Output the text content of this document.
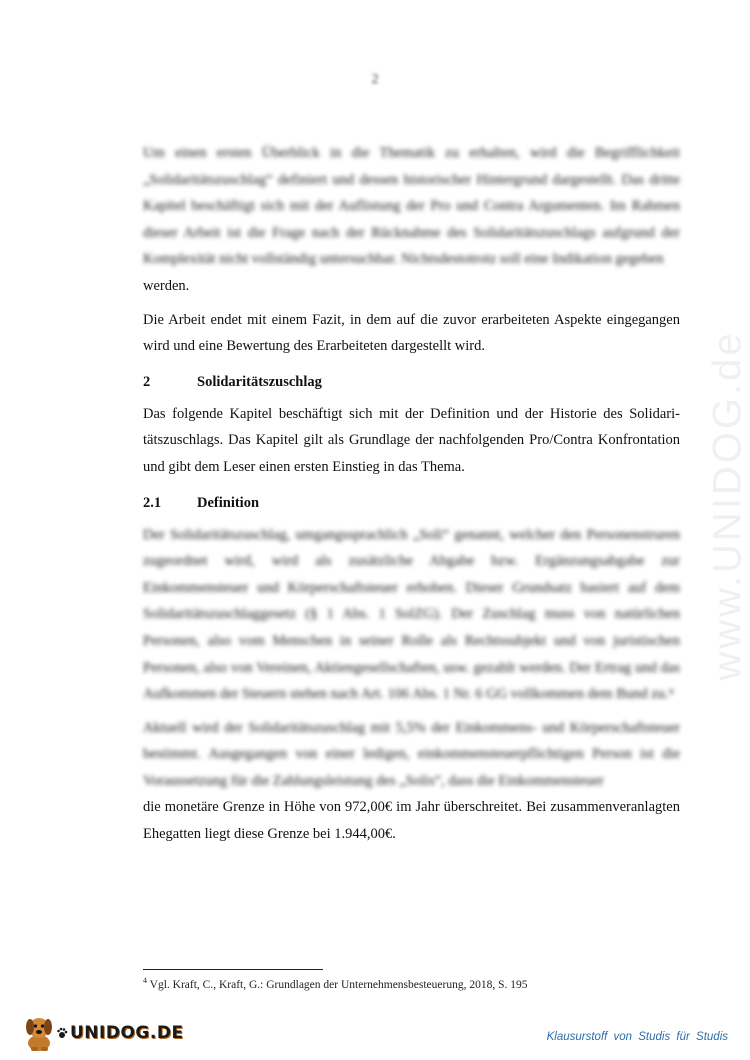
www.UNIDOG.de
2

Um einen ersten Überblick in die Thematik zu erhalten, wird die Begrifflichkeit „Solidaritätszuschlag“ definiert und dessen historischer Hintergrund dargestellt. Das dritte Kapitel beschäftigt sich mit der Auflistung der Pro und Contra Argumenten. Im Rahmen dieser Arbeit ist die Frage nach der Rücknahme des Solidaritätszuschlags aufgrund der Komplexität nicht vollständig untersuchbar. Nichtsdestotrotz soll eine Indikation gegeben
werden.

Die Arbeit endet mit einem Fazit, in dem auf die zuvor erarbeiteten Aspekte eingegangen wird und eine Bewertung des Erarbeiteten dargestellt wird.

2	Solidaritätszuschlag

Das folgende Kapitel beschäftigt sich mit der Definition und der Historie des Solidaritätszuschlags. Das Kapitel gilt als Grundlage der nachfolgenden Pro/Contra Konfrontation und gibt dem Leser einen ersten Einstieg in das Thema.

2.1	Definition

Der Solidaritätszuschlag, umgangssprachlich „Soli“ genannt, welcher den Personenstruren zugeordnet wird, wird als zusätzliche Abgabe bzw. Ergänzungsabgabe zur Einkommensteuer und Körperschaftsteuer erhoben. Dieser Grundsatz basiert auf dem Solidaritätszuschlaggesetz (§ 1 Abs. 1 SolZG). Der Zuschlag muss von natürlichen Personen, also vom Menschen in seiner Rolle als Rechtssubjekt und von juristischen Personen, also von Vereinen, Aktiengesellschaften, usw. gezahlt werden. Der Ertrag und das Aufkommen der Steuern stehen nach Art. 106 Abs. 1 Nr. 6 GG vollkommen dem Bund zu.⁴

Aktuell wird der Solidaritätszuschlag mit 5,5% der Einkommens- und Körperschaftsteuer bestimmt. Ausgegangen von einer ledigen, einkommensteuerpflichtigen Person ist die Voraussetzung für die Zahlungsleistung des „Solis“, dass die Einkommensteuer
die monetäre Grenze in Höhe von 972,00€ im Jahr überschreitet. Bei zusammenveranlagten Ehegatten liegt diese Grenze bei 1.944,00€.

$^4$ Vgl. Kraft, C., Kraft, G.: Grundlagen der Unternehmensbesteuerung, 2018, S. 195
UNIDOG.DE	Klausurstoff von Studis für Studis
